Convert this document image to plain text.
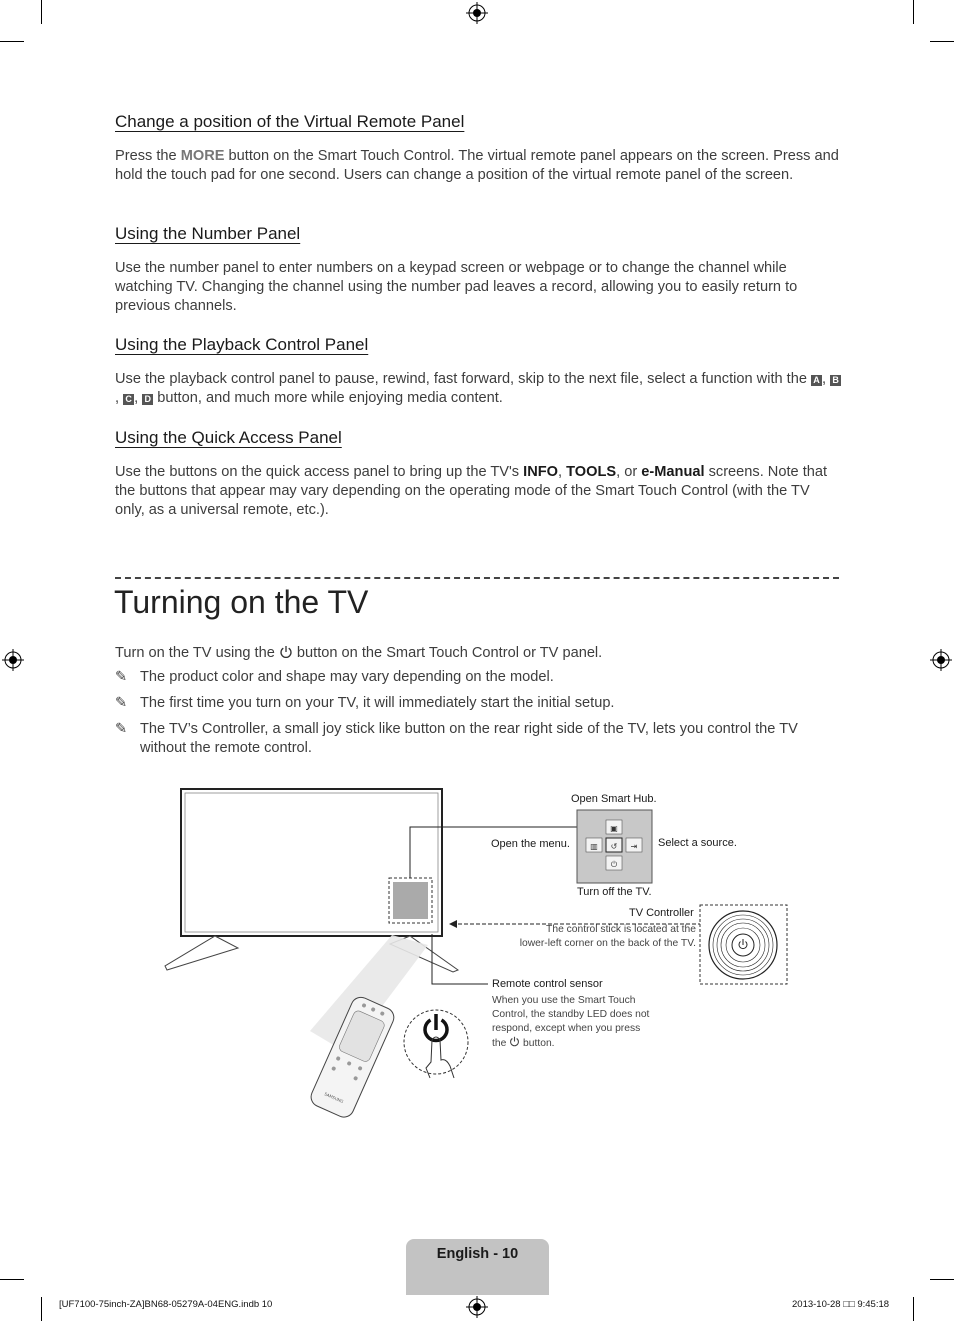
Change a position of the Virtual Remote Panel
Press the MORE button on the Smart Touch Control. The virtual remote panel appears on the screen. Press and hold the touch pad for one second. Users can change a position of the virtual remote panel of the screen.
Using the Number Panel
Use the number panel to enter numbers on a keypad screen or webpage or to change the channel while watching TV. Changing the channel using the number pad leaves a record, allowing you to easily return to previous channels.
Using the Playback Control Panel
Use the playback control panel to pause, rewind, fast forward, skip to the next file, select a function with the A , B, C , D button, and much more while enjoying media content.
Using the Quick Access Panel
Use the buttons on the quick access panel to bring up the TV's INFO, TOOLS, or e-Manual screens. Note that the buttons that appear may vary depending on the operating mode of the Smart Touch Control (with the TV only, as a universal remote, etc.).
Turning on the TV
Turn on the TV using the  button on the Smart Touch Control or TV panel.
✎ The product color and shape may vary depending on the model.
✎ The first time you turn on your TV, it will immediately start the initial setup.
✎ The TV’s Controller, a small joy stick like button on the rear right side of the TV, lets you control the TV without the remote control.
▣
▥ ↺ ⇥
⏻
SAMSUNG
Open Smart Hub.
Open the menu.	Select a source.
Turn off the TV.
TV Controller
The control stick is located at the
lower-left corner on the back of the TV.
Remote control sensor
When you use the Smart Touch
Control, the standby LED does not
respond, except when you press
the  button.
English - 10
[UF7100-75inch-ZA]BN68-05279A-04ENG.indb 10	2013-10-28 □□ 9:45:18
